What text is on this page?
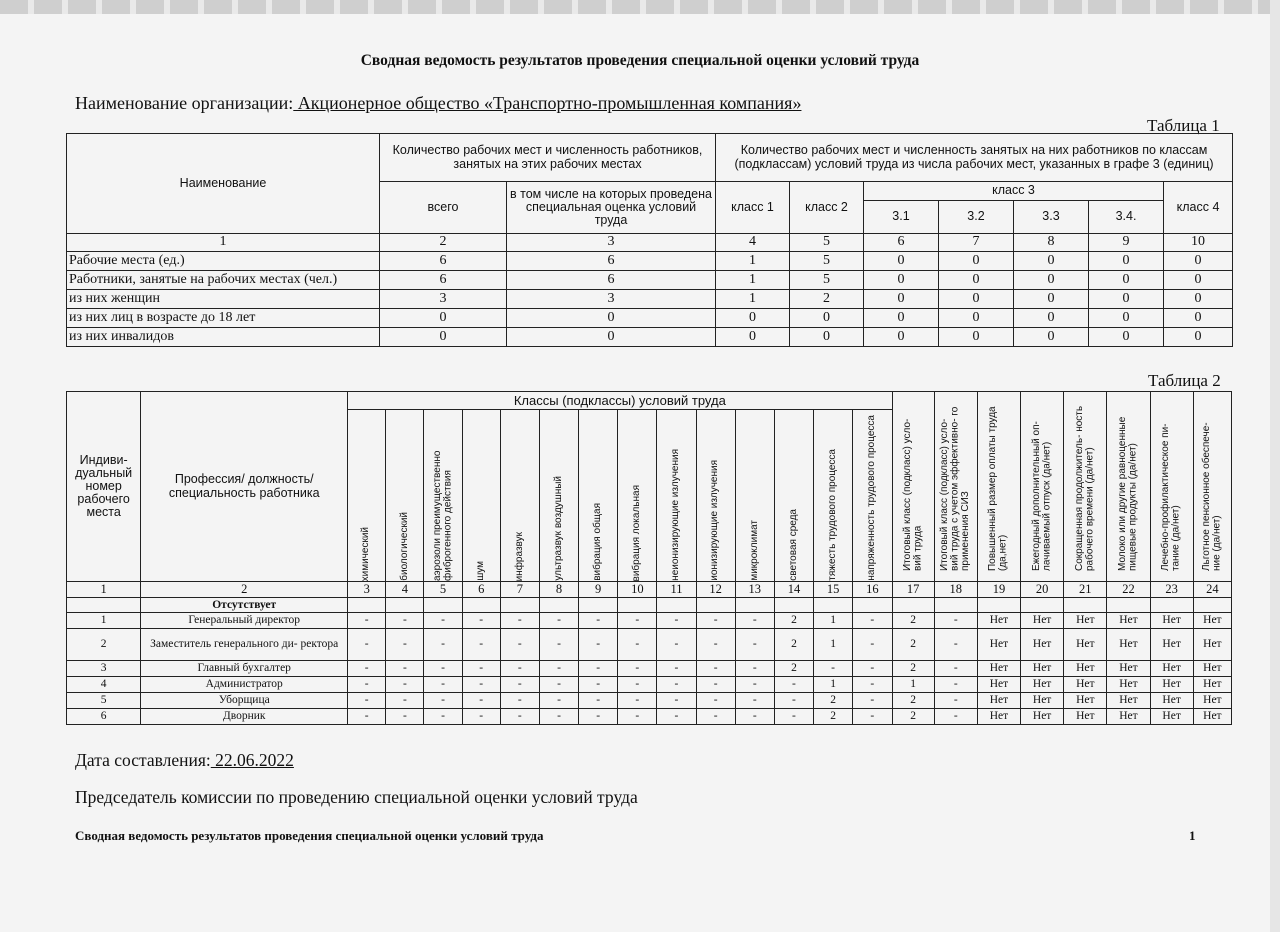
Сводная ведомость результатов проведения специальной оценки условий труда
Наименование организации: Акционерное общество «Транспортно-промышленная компания»
Таблица 1
Наименование	Количество рабочих мест и численность работников, занятых на этих рабочих местах		Количество рабочих мест и численность занятых на них работников по классам (подклассам) условий труда из числа рабочих мест, указанных в графе 3 (единиц)						
	всего	в том числе на которых проведена специальная оценка условий труда	класс 1	класс 2	класс 3				класс 4
					3.1	3.2	3.3	3.4.	
1	2	3	4	5	6	7	8	9	10
Рабочие места (ед.)	6	6	1	5	0	0	0	0	0
Работники, занятые на рабочих местах (чел.)	6	6	1	5	0	0	0	0	0
из них женщин	3	3	1	2	0	0	0	0	0
из них лиц в возрасте до 18 лет	0	0	0	0	0	0	0	0	0
из них инвалидов	0	0	0	0	0	0	0	0	0
Таблица 2
Индиви- дуальный номер рабочего места	Профессия/ должность/ специальность работника	Классы (подклассы) условий труда														Итоговый класс (подкласс) усло- вий труда	Итоговый класс (подкласс) усло- вий труда с учетом эффективно- го применения СИЗ	Повышенный размер оплаты труда (да,нет)	Ежегодный дополнительный оп- лачиваемый отпуск (да/нет)	Сокращенная продолжитель- ность рабочего времени (да/нет)	Молоко или другие равноценные пищевые продукты (да/нет)	Лечебно-профилактическое пи- тание (да/нет)	Льготное пенсионное обеспече- ние (да/нет)

		химический	биологический	аэрозоли преимущественно фиброгенного действия	шум	инфразвук	ультразвук воздушный	вибрация общая	вибрация локальная	неионизирующие излучения	ионизирующие излучения	микроклимат	световая среда	тяжесть трудового процесса	напряженность трудового процесса								

1	2	3	4	5	6	7	8	9	10	11	12	13	14	15	16	17	18	19	20	21	22	23	24
	Отсутствует																						
1	Генеральный директор	-	-	-	-	-	-	-	-	-	-	-	2	1	-	2	-	Нет	Нет	Нет	Нет	Нет	Нет
2	Заместитель генерального ди- ректора	-	-	-	-	-	-	-	-	-	-	-	2	1	-	2	-	Нет	Нет	Нет	Нет	Нет	Нет
3	Главный бухгалтер	-	-	-	-	-	-	-	-	-	-	-	2	-	-	2	-	Нет	Нет	Нет	Нет	Нет	Нет
4	Администратор	-	-	-	-	-	-	-	-	-	-	-	-	1	-	1	-	Нет	Нет	Нет	Нет	Нет	Нет
5	Уборщица	-	-	-	-	-	-	-	-	-	-	-	-	2	-	2	-	Нет	Нет	Нет	Нет	Нет	Нет
6	Дворник	-	-	-	-	-	-	-	-	-	-	-	-	2	-	2	-	Нет	Нет	Нет	Нет	Нет	Нет
Дата составления: 22.06.2022
Председатель комиссии по проведению специальной оценки условий труда
Сводная ведомость результатов проведения специальной оценки условий труда	1
